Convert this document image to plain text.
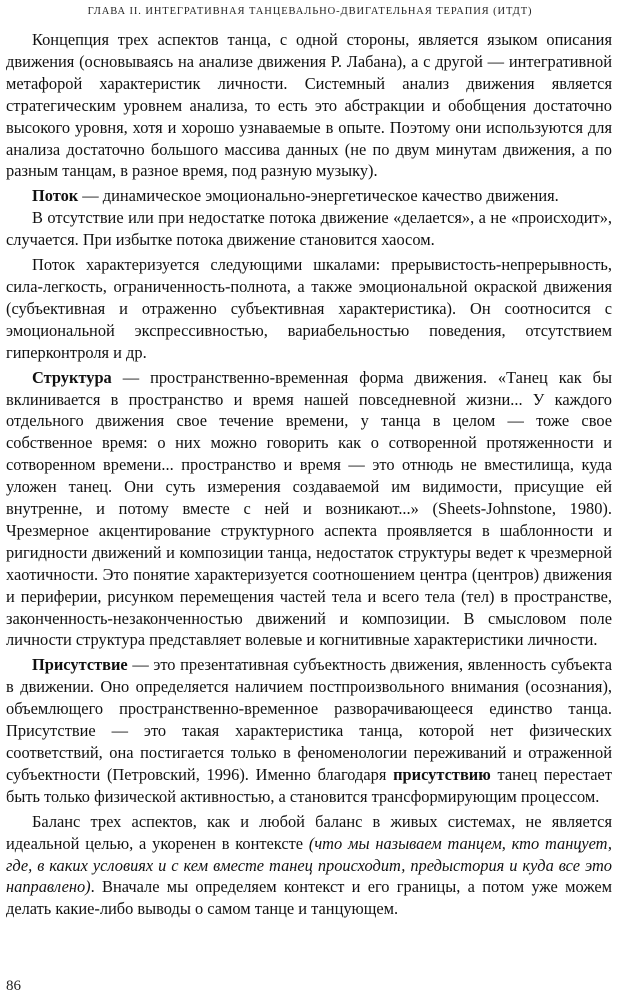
ГЛАВА II. ИНТЕГРАТИВНАЯ ТАНЦЕВАЛЬНО-ДВИГАТЕЛЬНАЯ ТЕРАПИЯ (ИТДТ)

Концепция трех аспектов танца, с одной стороны, является языком описания движения (основываясь на анализе движения Р. Лабана), а с другой — интегративной метафорой характеристик личности. Системный анализ движения является стратегическим уровнем анализа, то есть это абстракции и обобщения достаточно высокого уровня, хотя и хорошо узнаваемые в опыте. Поэтому они используются для анализа достаточно большого массива данных (не по двум минутам движения, а по разным танцам, в разное время, под разную музыку).

Поток — динамическое эмоционально-энергетическое качество движения.

В отсутствие или при недостатке потока движение «делается», а не «происходит», случается. При избытке потока движение становится хаосом.

Поток характеризуется следующими шкалами: прерывистость-непрерывность, сила-легкость, ограниченность-полнота, а также эмоциональной окраской движения (субъективная и отраженно субъективная характеристика). Он соотносится с эмоциональной экспрессивностью, вариабельностью поведения, отсутствием гиперконтроля и др.

Структура — пространственно-временная форма движения. «Танец как бы вклинивается в пространство и время нашей повседневной жизни... У каждого отдельного движения свое течение времени, у танца в целом — тоже свое собственное время: о них можно говорить как о сотворенной протяженности и сотворенном времени... пространство и время — это отнюдь не вместилища, куда уложен танец. Они суть измерения создаваемой им видимости, присущие ей внутренне, и потому вместе с ней и возникают...» (Sheets-Johnstone, 1980). Чрезмерное акцентирование структурного аспекта проявляется в шаблонности и ригидности движений и композиции танца, недостаток структуры ведет к чрезмерной хаотичности. Это понятие характеризуется соотношением центра (центров) движения и периферии, рисунком перемещения частей тела и всего тела (тел) в пространстве, законченность-незаконченностью движений и композиции. В смысловом поле личности структура представляет волевые и когнитивные характеристики личности.

Присутствие — это презентативная субъектность движения, явленность субъекта в движении. Оно определяется наличием постпроизвольного внимания (осознания), объемлющего пространственно-временное разворачивающееся единство танца. Присутствие — это такая характеристика танца, которой нет физических соответствий, она постигается только в феноменологии переживаний и отраженной субъектности (Петровский, 1996). Именно благодаря присутствию танец перестает быть только физической активностью, а становится трансформирующим процессом.

Баланс трех аспектов, как и любой баланс в живых системах, не является идеальной целью, а укоренен в контексте (что мы называем танцем, кто танцует, где, в каких условиях и с кем вместе танец происходит, предыстория и куда все это направлено). Вначале мы определяем контекст и его границы, а потом уже можем делать какие-либо выводы о самом танце и танцующем.

86
